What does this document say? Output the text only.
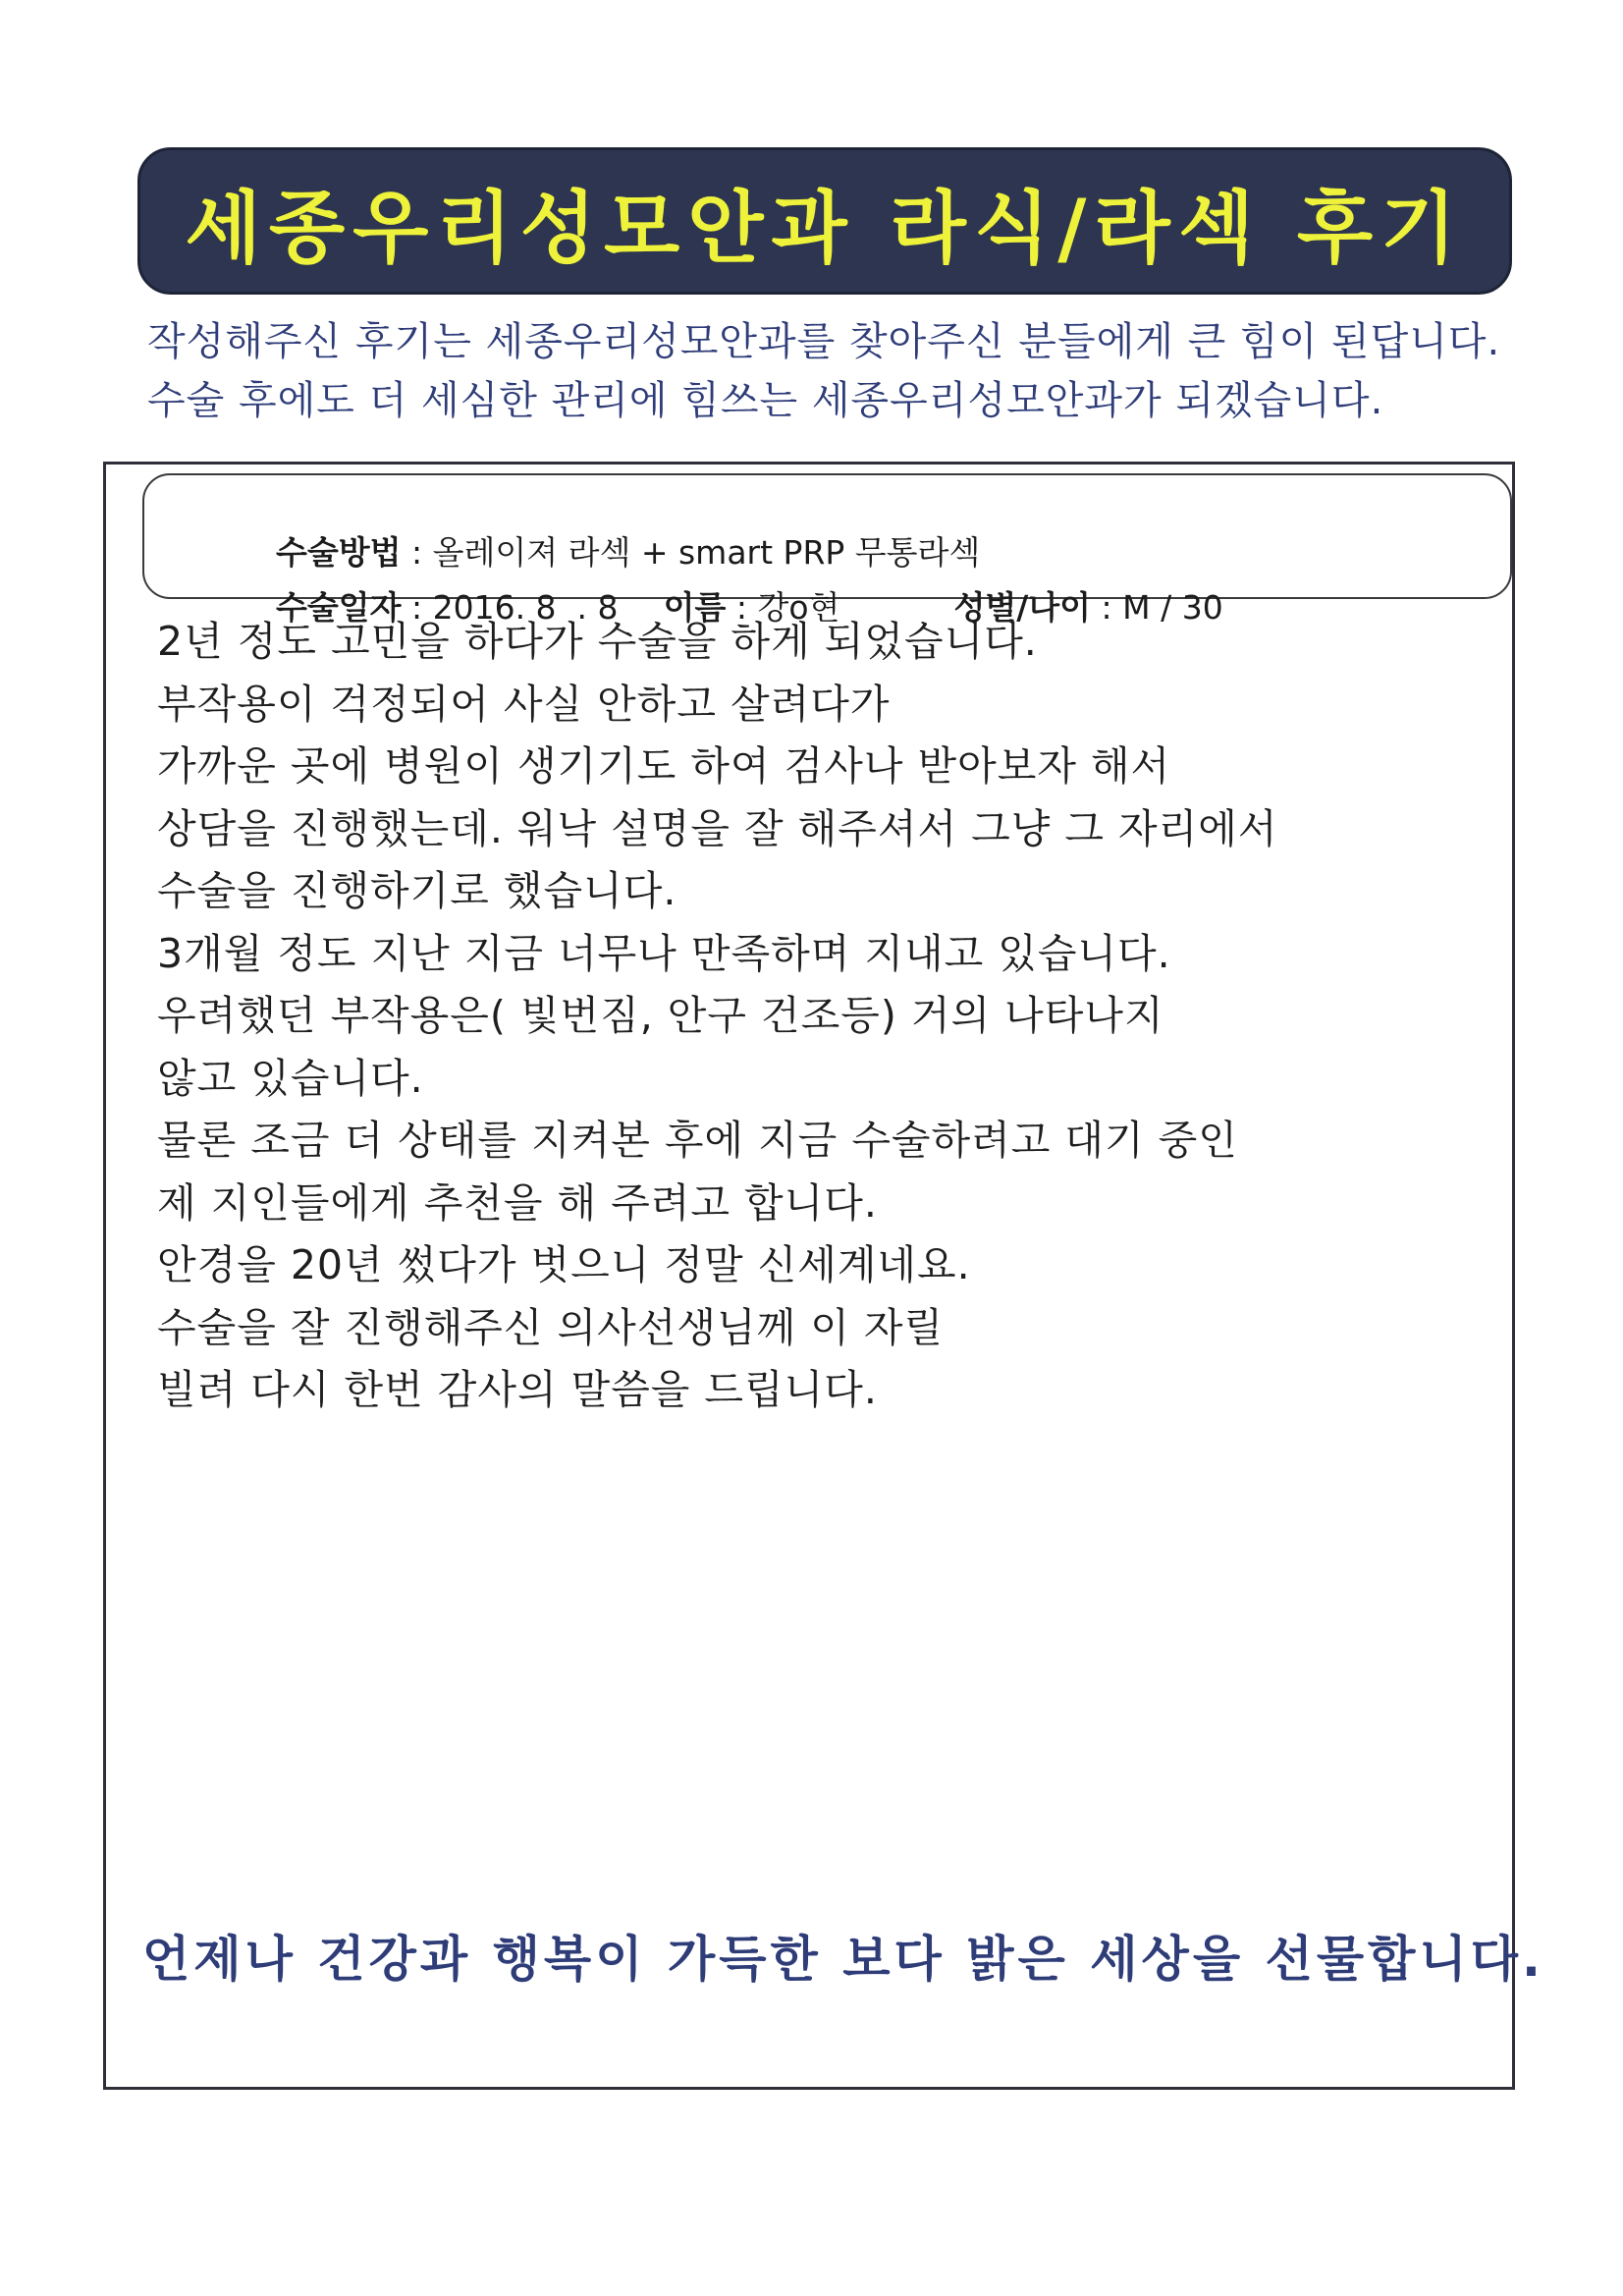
세종우리성모안과 라식/라섹 후기
작성해주신 후기는 세종우리성모안과를 찾아주신 분들에게 큰 힘이 된답니다.
수술 후에도 더 세심한 관리에 힘쓰는 세종우리성모안과가 되겠습니다.

수술방법 : 올레이져 라섹 + smart PRP 무통라섹

수술일자 : 2016. 8  . 8 이름 : 강o현	성별/나이 : M / 30

2년 정도 고민을 하다가 수술을 하게 되었습니다.
부작용이 걱정되어 사실 안하고 살려다가
가까운 곳에 병원이 생기기도 하여 검사나 받아보자 해서
상담을 진행했는데. 워낙 설명을 잘 해주셔서 그냥 그 자리에서
수술을 진행하기로 했습니다.
3개월 정도 지난 지금 너무나 만족하며 지내고 있습니다.
우려했던 부작용은( 빛번짐, 안구 건조등) 거의 나타나지
않고 있습니다.
물론 조금 더 상태를 지켜본 후에 지금 수술하려고 대기 중인
제 지인들에게 추천을 해 주려고 합니다.
안경을 20년 썼다가 벗으니 정말 신세계네요.
수술을 잘 진행해주신 의사선생님께 이 자릴
빌려 다시 한번 감사의 말씀을 드립니다.
언제나 건강과 행복이 가득한 보다 밝은 세상을 선물합니다.
